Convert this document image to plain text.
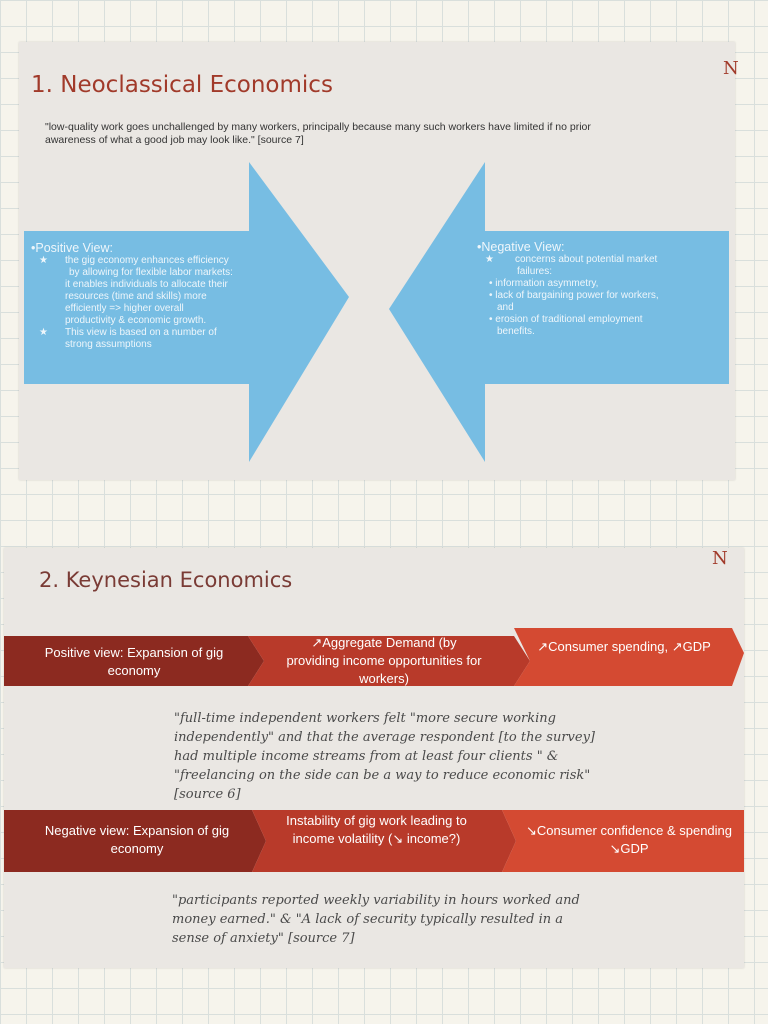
1. Neoclassical Economics
N

"low-quality work goes unchallenged by many workers, principally because many such workers have limited if no prior awareness of what a good job may look like." [source 7]

•Positive View:
★ the gig economy enhances efficiency
by allowing for flexible labor markets:
it enables individuals to allocate their
resources (time and skills) more
efficiently => higher overall
productivity & economic growth.
★ This view is based on a number of
strong assumptions
•Negative View:
★ concerns about potential market
failures:
• information asymmetry,
• lack of bargaining power for workers,
and
• erosion of traditional employment
benefits.
2. Keynesian Economics
N
Positive view: Expansion of gig economy
↗Aggregate Demand (by providing income opportunities for workers)
↗Consumer spending, ↗GDP

"full-time independent workers felt "more secure working independently" and that the average respondent [to the survey] had multiple income streams from at least four clients " & "freelancing on the side can be a way to reduce economic risk" [source 6]

Negative view: Expansion of gig economy
Instability of gig work leading to income volatility (↘ income?)
↘Consumer confidence & spending ↘GDP

"participants reported weekly variability in hours worked and money earned." & "A lack of security typically resulted in a sense of anxiety" [source 7]
